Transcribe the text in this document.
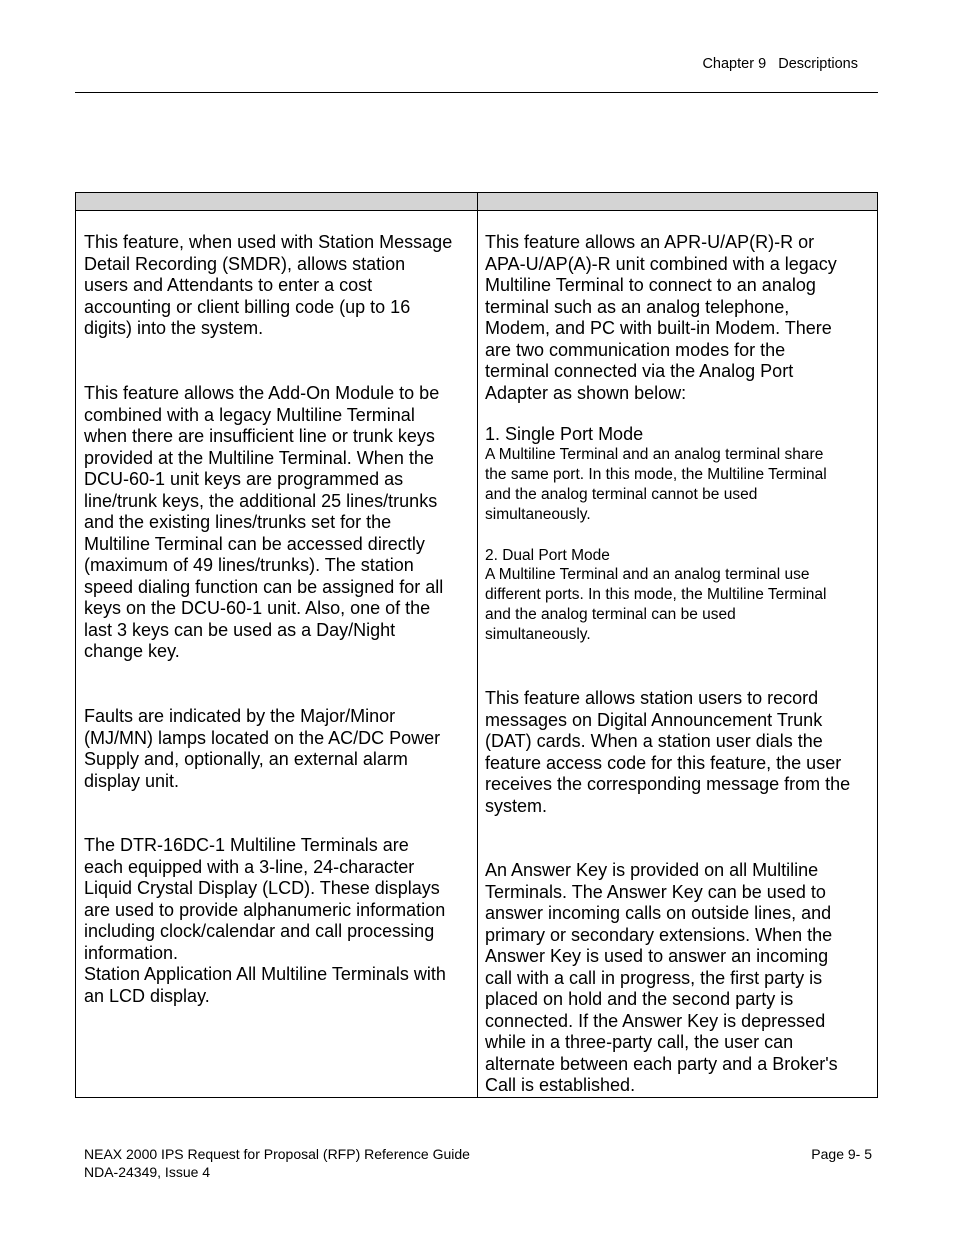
Chapter 9   Descriptions
This feature, when used with Station Message
Detail Recording (SMDR), allows station
users and Attendants to enter a cost
accounting or client billing code (up to 16
digits) into the system.
This feature allows the Add-On Module to be
combined with a legacy Multiline Terminal
when there are insufficient line or trunk keys
provided at the Multiline Terminal. When the
DCU-60-1 unit keys are programmed as
line/trunk keys, the additional 25 lines/trunks
and the existing lines/trunks set for the
Multiline Terminal can be accessed directly
(maximum of 49 lines/trunks). The station
speed dialing function can be assigned for all
keys on the DCU-60-1 unit. Also, one of the
last 3 keys can be used as a Day/Night
change key.
Faults are indicated by the Major/Minor
(MJ/MN) lamps located on the AC/DC Power
Supply and, optionally, an external alarm
display unit.
The DTR-16DC-1 Multiline Terminals are
each equipped with a 3-line, 24-character
Liquid Crystal Display (LCD). These displays
are used to provide alphanumeric information
including clock/calendar and call processing
information.
Station Application All Multiline Terminals with
an LCD display.
This feature allows an APR-U/AP(R)-R or
APA-U/AP(A)-R unit combined with a legacy
Multiline Terminal to connect to an analog
terminal such as an analog telephone,
Modem, and PC with built-in Modem. There
are two communication modes for the
terminal connected via the Analog Port
Adapter as shown below:
1. Single Port Mode
A Multiline Terminal and an analog terminal share
the same port. In this mode, the Multiline Terminal
and the analog terminal cannot be used
simultaneously.
2. Dual Port Mode
A Multiline Terminal and an analog terminal use
different ports. In this mode, the Multiline Terminal
and the analog terminal can be used
simultaneously.
This feature allows station users to record
messages on Digital Announcement Trunk
(DAT) cards. When a station user dials the
feature access code for this feature, the user
receives the corresponding message from the
system.
An Answer Key is provided on all Multiline
Terminals. The Answer Key can be used to
answer incoming calls on outside lines, and
primary or secondary extensions. When the
Answer Key is used to answer an incoming
call with a call in progress, the first party is
placed on hold and the second party is
connected. If the Answer Key is depressed
while in a three-party call, the user can
alternate between each party and a Broker's
Call is established.
NEAX 2000 IPS Request for Proposal (RFP) Reference Guide
NDA-24349, Issue 4
Page 9- 5
